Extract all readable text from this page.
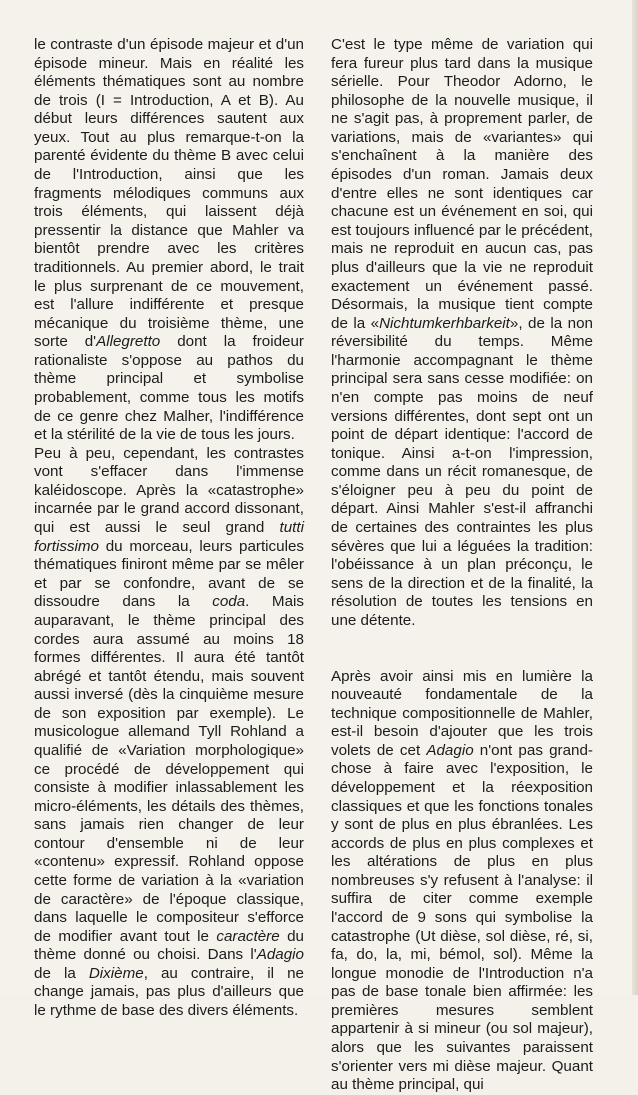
le contraste d'un épisode majeur et d'un épisode mineur. Mais en réalité les éléments thématiques sont au nombre de trois (I = Introduction, A et B). Au début leurs différences sautent aux yeux. Tout au plus remarque-t-on la parenté évidente du thème B avec celui de l'Introduction, ainsi que les fragments mélodiques communs aux trois éléments, qui laissent déjà pressentir la distance que Mahler va bientôt prendre avec les critères traditionnels. Au premier abord, le trait le plus surprenant de ce mouvement, est l'allure indifférente et presque mécanique du troisième thème, une sorte d'Allegretto dont la froideur rationaliste s'oppose au pathos du thème principal et symbolise probablement, comme tous les motifs de ce genre chez Malher, l'indifférence et la stérilité de la vie de tous les jours.

Peu à peu, cependant, les contrastes vont s'effacer dans l'immense kaléidoscope. Après la «catastrophe» incarnée par le grand accord dissonant, qui est aussi le seul grand tutti fortissimo du morceau, leurs particules thématiques finiront même par se mêler et par se confondre, avant de se dissoudre dans la coda. Mais auparavant, le thème principal des cordes aura assumé au moins 18 formes différentes. Il aura été tantôt abrégé et tantôt étendu, mais souvent aussi inversé (dès la cinquième mesure de son exposition par exemple). Le musicologue allemand Tyll Rohland a qualifié de «Variation morphologique» ce procédé de développement qui consiste à modifier inlassablement les micro-éléments, les détails des thèmes, sans jamais rien changer de leur contour d'ensemble ni de leur «contenu» expressif. Rohland oppose cette forme de variation à la «variation de caractère» de l'époque classique, dans laquelle le compositeur s'efforce de modifier avant tout le caractère du thème donné ou choisi. Dans l'Adagio de la Dixième, au contraire, il ne change jamais, pas plus d'ailleurs que le rythme de base des divers éléments.

C'est le type même de variation qui fera fureur plus tard dans la musique sérielle. Pour Theodor Adorno, le philosophe de la nouvelle musique, il ne s'agit pas, à proprement parler, de variations, mais de «variantes» qui s'enchaînent à la manière des épisodes d'un roman. Jamais deux d'entre elles ne sont identiques car chacune est un événement en soi, qui est toujours influencé par le précédent, mais ne reproduit en aucun cas, pas plus d'ailleurs que la vie ne reproduit exactement un événement passé. Désormais, la musique tient compte de la «Nichtumkerhbarkeit», de la non réversibilité du temps. Même l'harmonie accompagnant le thème principal sera sans cesse modifiée: on n'en compte pas moins de neuf versions différentes, dont sept ont un point de départ identique: l'accord de tonique. Ainsi a-t-on l'impression, comme dans un récit romanesque, de s'éloigner peu à peu du point de départ. Ainsi Mahler s'est-il affranchi de certaines des contraintes les plus sévères que lui a léguées la tradition: l'obéissance à un plan préconçu, le sens de la direction et de la finalité, la résolution de toutes les tensions en une détente.

Après avoir ainsi mis en lumière la nouveauté fondamentale de la technique compositionnelle de Mahler, est-il besoin d'ajouter que les trois volets de cet Adagio n'ont pas grand-chose à faire avec l'exposition, le développement et la réexposition classiques et que les fonctions tonales y sont de plus en plus ébranlées. Les accords de plus en plus complexes et les altérations de plus en plus nombreuses s'y refusent à l'analyse: il suffira de citer comme exemple l'accord de 9 sons qui symbolise la catastrophe (Ut dièse, sol dièse, ré, si, fa, do, la, mi, bémol, sol). Même la longue monodie de l'Introduction n'a pas de base tonale bien affirmée: les premières mesures semblent appartenir à si mineur (ou sol majeur), alors que les suivantes paraissent s'orienter vers mi dièse majeur. Quant au thème principal, qui
